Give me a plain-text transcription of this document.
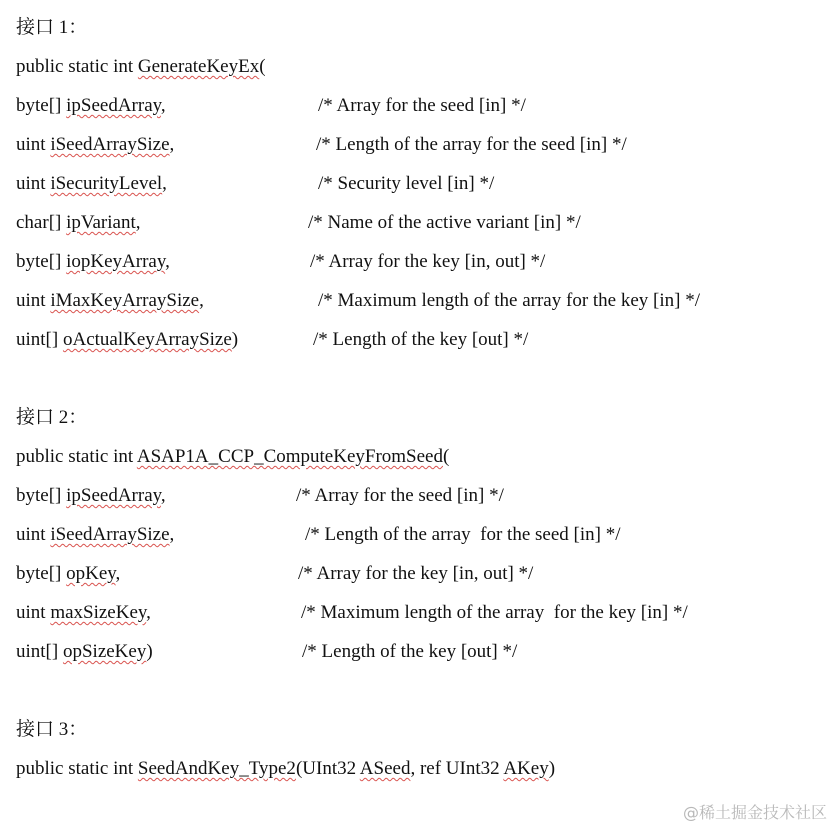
接口 1：
public static int GenerateKeyEx(
byte[] ipSeedArray,	/* Array for the seed [in] */
uint iSeedArraySize,	/* Length of the array for the seed [in] */
uint iSecurityLevel,	/* Security level [in] */
char[] ipVariant,	/* Name of the active variant [in] */
byte[] iopKeyArray,	/* Array for the key [in, out] */
uint iMaxKeyArraySize,	/* Maximum length of the array for the key [in] */
uint[] oActualKeyArraySize)	/* Length of the key [out] */
接口 2：
public static int ASAP1A_CCP_ComputeKeyFromSeed(
byte[] ipSeedArray,	/* Array for the seed [in] */
uint iSeedArraySize,	/* Length of the array  for the seed [in] */
byte[] opKey,	/* Array for the key [in, out] */
uint maxSizeKey,	/* Maximum length of the array  for the key [in] */
uint[] opSizeKey)	/* Length of the key [out] */
接口 3：
public static int SeedAndKey_Type2(UInt32 ASeed, ref UInt32 AKey)
@稀土掘金技术社区
